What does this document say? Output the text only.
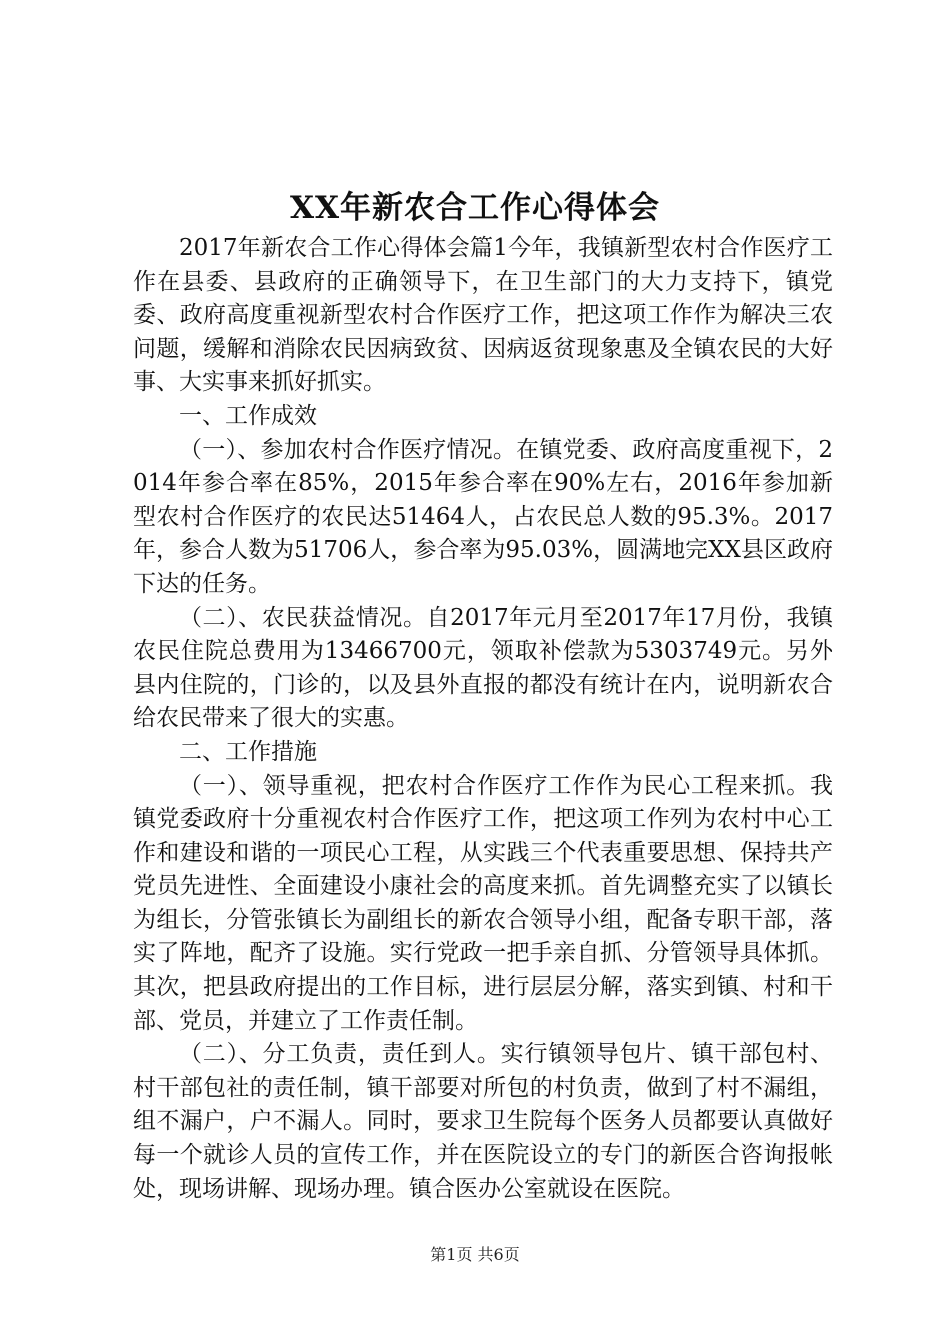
XX年新农合工作心得体会

2017年新农合工作心得体会篇1今年，我镇新型农村合作医疗工作在县委、县政府的正确领导下，在卫生部门的大力支持下，镇党委、政府高度重视新型农村合作医疗工作，把这项工作作为解决三农问题，缓解和消除农民因病致贫、因病返贫现象惠及全镇农民的大好事、大实事来抓好抓实。

一、工作成效

（一）、参加农村合作医疗情况。在镇党委、政府高度重视下，2014年参合率在85%，2015年参合率在90%左右，2016年参加新型农村合作医疗的农民达51464人，占农民总人数的95.3%。2017年，参合人数为51706人，参合率为95.03%，圆满地完XX县区政府下达的任务。

（二）、农民获益情况。自2017年元月至2017年17月份，我镇农民住院总费用为13466700元，领取补偿款为5303749元。另外县内住院的，门诊的，以及县外直报的都没有统计在内，说明新农合给农民带来了很大的实惠。

二、工作措施

（一）、领导重视，把农村合作医疗工作作为民心工程来抓。我镇党委政府十分重视农村合作医疗工作，把这项工作列为农村中心工作和建设和谐的一项民心工程，从实践三个代表重要思想、保持共产党员先进性、全面建设小康社会的高度来抓。首先调整充实了以镇长为组长，分管张镇长为副组长的新农合领导小组，配备专职干部，落实了阵地，配齐了设施。实行党政一把手亲自抓、分管领导具体抓。其次，把县政府提出的工作目标，进行层层分解，落实到镇、村和干部、党员，并建立了工作责任制。

（二）、分工负责，责任到人。实行镇领导包片、镇干部包村、村干部包社的责任制，镇干部要对所包的村负责，做到了村不漏组，组不漏户，户不漏人。同时，要求卫生院每个医务人员都要认真做好每一个就诊人员的宣传工作，并在医院设立的专门的新医合咨询报帐处，现场讲解、现场办理。镇合医办公室就设在医院。

第1页 共6页
